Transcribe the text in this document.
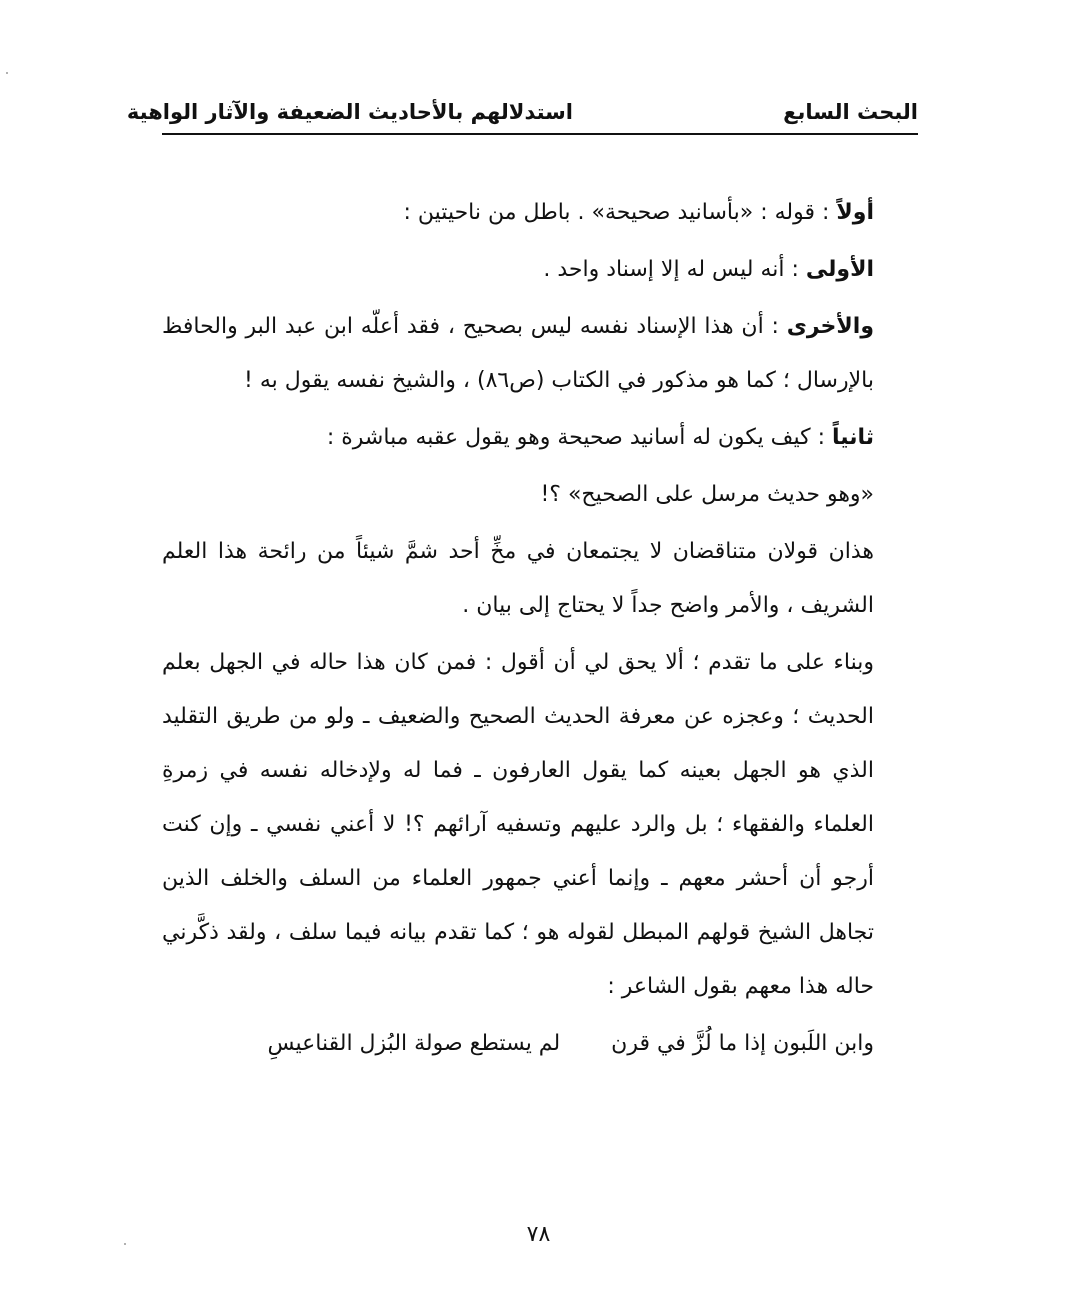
البحث السابع
استدلالهم بالأحاديث الضعيفة والآثار الواهية

أولاً : قوله : «بأسانيد صحيحة» . باطل من ناحيتين :

الأولى : أنه ليس له إلا إسناد واحد .

والأخرى : أن هذا الإسناد نفسه ليس بصحيح ، فقد أعلّه ابن عبد البر والحافظ بالإرسال ؛ كما هو مذكور في الكتاب (ص٨٦) ، والشيخ نفسه يقول به !

ثانياً : كيف يكون له أسانيد صحيحة وهو يقول عقبه مباشرة :

«وهو حديث مرسل على الصحيح» ؟!

هذان قولان متناقضان لا يجتمعان في مخِّ أحد شمَّ شيئاً من رائحة هذا العلم الشريف ، والأمر واضح جداً لا يحتاج إلى بيان .

وبناء على ما تقدم ؛ ألا يحق لي أن أقول : فمن كان هذا حاله في الجهل بعلم الحديث ؛ وعجزه عن معرفة الحديث الصحيح والضعيف ـ ولو من طريق التقليد الذي هو الجهل بعينه كما يقول العارفون ـ فما له ولإدخاله نفسه في زمرةِ العلماء والفقهاء ؛ بل والرد عليهم وتسفيه آرائهم ؟! لا أعني نفسي ـ وإن كنت أرجو أن أحشر معهم ـ وإنما أعني جمهور العلماء من السلف والخلف الذين تجاهل الشيخ قولهم المبطل لقوله هو ؛ كما تقدم بيانه فيما سلف ، ولقد ذكَّرني حاله هذا معهم بقول الشاعر :

وابن اللَبون إذا ما لُزَّ في قرن لم يستطع صولة البُزل القناعيسِ
٧٨
